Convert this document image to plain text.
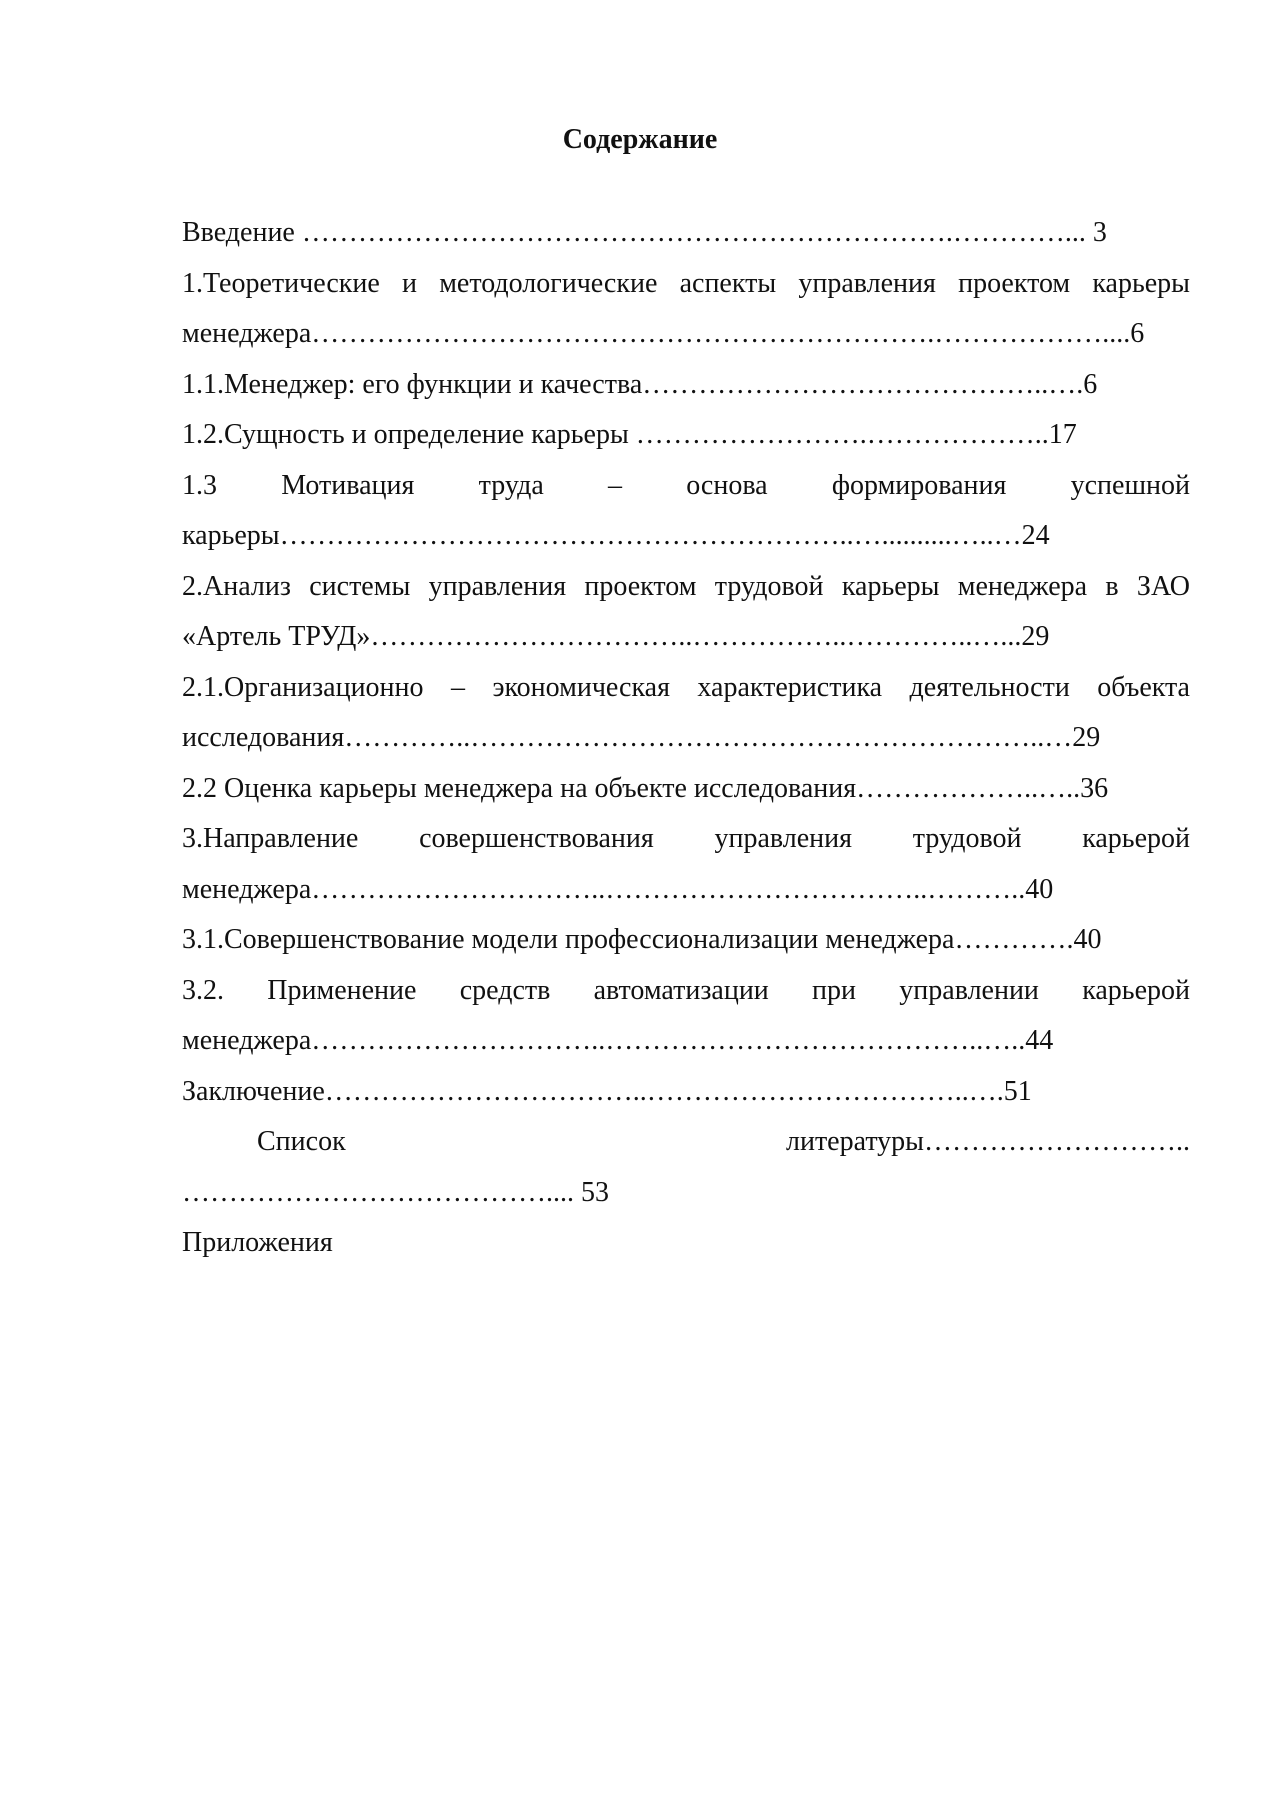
Содержание
Введение …………………………………………………………….…………... 3
1.Теоретические и методологические аспекты управления проектом карьеры
менеджера………………………………………………………….………………....6
1.1.Менеджер: его функции и качества……………………………………..….6
1.2.Сущность и определение карьеры …………………….………………..17
1.3 Мотивация труда – основа формирования успешной
карьеры……………………………………………………..…..........…..…24
2.Анализ системы управления проектом трудовой карьеры менеджера в ЗАО
«Артель ТРУД»……………………………..……………..…………..…...29
2.1.Организационно – экономическая характеристика деятельности объекта
исследования…………..……………………………………………………..…29
2.2 Оценка карьеры менеджера на объекте исследования………………..…..36
3.Направление совершенствования управления трудовой карьерой
менеджера…………………………..……………………………..………..40
3.1.Совершенствование модели профессионализации менеджера………….40
3.2. Применение средств автоматизации при управлении карьерой
менеджера…………………………..…………………………………..…..44
Заключение……………………………..……………………………..….51
Список литературы………………………..
………………………………….... 53
Приложения
